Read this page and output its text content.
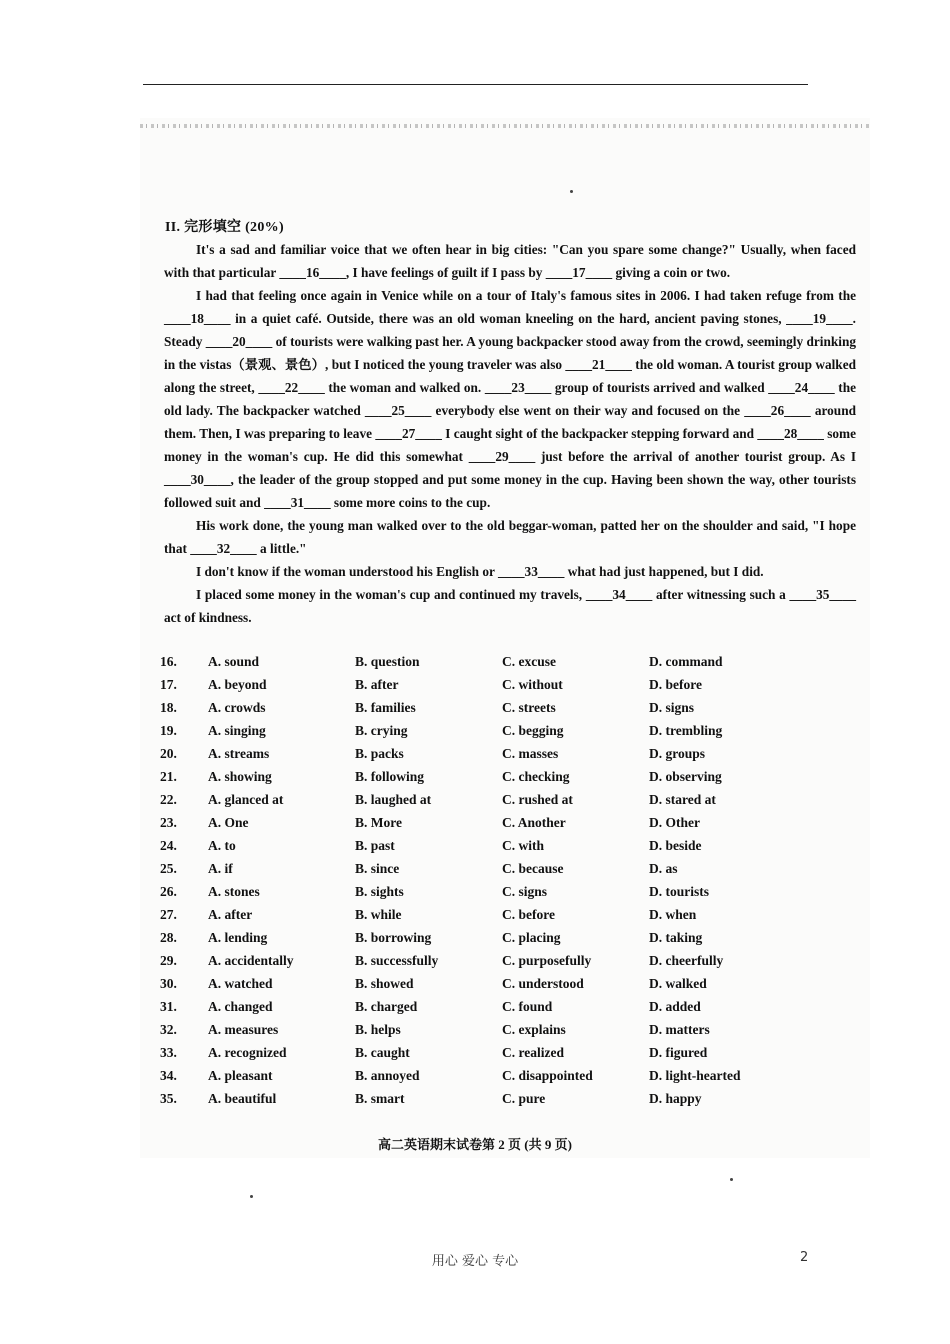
II. 完形填空 (20%)

It's a sad and familiar voice that we often hear in big cities: "Can you spare some change?" Usually, when faced with that particular ____16____, I have feelings of guilt if I pass by ____17____ giving a coin or two.

I had that feeling once again in Venice while on a tour of Italy's famous sites in 2006. I had taken refuge from the ____18____ in a quiet café. Outside, there was an old woman kneeling on the hard, ancient paving stones, ____19____. Steady ____20____ of tourists were walking past her. A young backpacker stood away from the crowd, seemingly drinking in the vistas（景观、景色）, but I noticed the young traveler was also ____21____ the old woman. A tourist group walked along the street, ____22____ the woman and walked on. ____23____ group of tourists arrived and walked ____24____ the old lady. The backpacker watched ____25____ everybody else went on their way and focused on the ____26____ around them. Then, I was preparing to leave ____27____ I caught sight of the backpacker stepping forward and ____28____ some money in the woman's cup. He did this somewhat ____29____ just before the arrival of another tourist group. As I ____30____, the leader of the group stopped and put some money in the cup. Having been shown the way, other tourists followed suit and ____31____ some more coins to the cup.

His work done, the young man walked over to the old beggar-woman, patted her on the shoulder and said, "I hope that ____32____ a little."

I don't know if the woman understood his English or ____33____ what had just happened, but I did.

I placed some money in the woman's cup and continued my travels, ____34____ after witnessing such a ____35____ act of kindness.

16.	A. sound	B. question	C. excuse	D. command
17.	A. beyond	B. after	C. without	D. before
18.	A. crowds	B. families	C. streets	D. signs
19.	A. singing	B. crying	C. begging	D. trembling
20.	A. streams	B. packs	C. masses	D. groups
21.	A. showing	B. following	C. checking	D. observing
22.	A. glanced at	B. laughed at	C. rushed at	D. stared at
23.	A. One	B. More	C. Another	D. Other
24.	A. to	B. past	C. with	D. beside
25.	A. if	B. since	C. because	D. as
26.	A. stones	B. sights	C. signs	D. tourists
27.	A. after	B. while	C. before	D. when
28.	A. lending	B. borrowing	C. placing	D. taking
29.	A. accidentally	B. successfully	C. purposefully	D. cheerfully
30.	A. watched	B. showed	C. understood	D. walked
31.	A. changed	B. charged	C. found	D. added
32.	A. measures	B. helps	C. explains	D. matters
33.	A. recognized	B. caught	C. realized	D. figured
34.	A. pleasant	B. annoyed	C. disappointed	D. light-hearted
35.	A. beautiful	B. smart	C. pure	D. happy
高二英语期末试卷第 2 页 (共 9 页)
用心 爱心 专心	2
